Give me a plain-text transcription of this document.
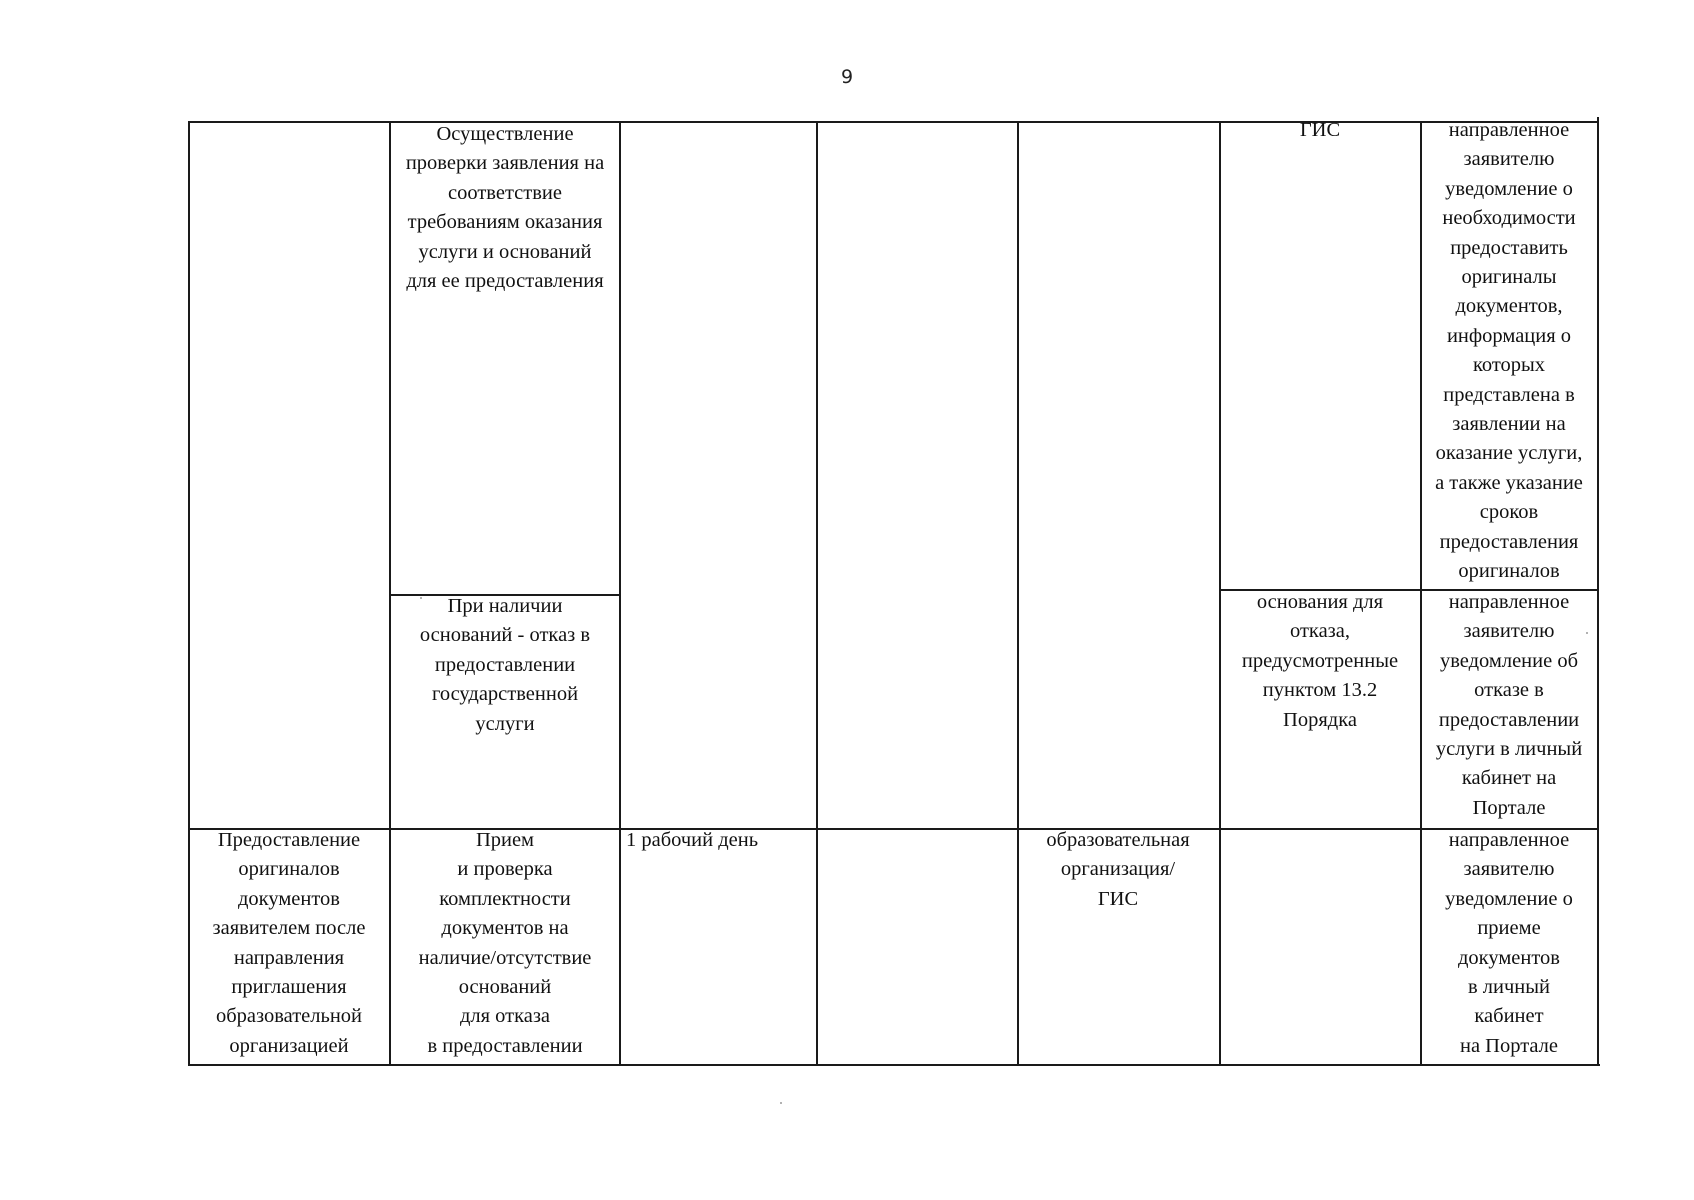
9
Осуществление
проверки заявления на
соответствие
требованиям оказания
услуги и оснований
для ее предоставления
При наличии
оснований - отказ в
предоставлении
государственной
услуги
ГИС
основания для
отказа,
предусмотренные
пунктом 13.2
Порядка
направленное
заявителю
уведомление о
необходимости
предоставить
оригиналы
документов,
информация о
которых
представлена в
заявлении на
оказание услуги,
а также указание
сроков
предоставления
оригиналов
направленное
заявителю
уведомление об
отказе в
предоставлении
услуги в личный
кабинет на
Портале
Предоставление
оригиналов
документов
заявителем после
направления
приглашения
образовательной
организацией
Прием
и проверка
комплектности
документов на
наличие/отсутствие
оснований
для отказа
в предоставлении
1 рабочий день	образовательная
организация/
ГИС
направленное
заявителю
уведомление о
приеме
документов
в личный
кабинет
на Портале
